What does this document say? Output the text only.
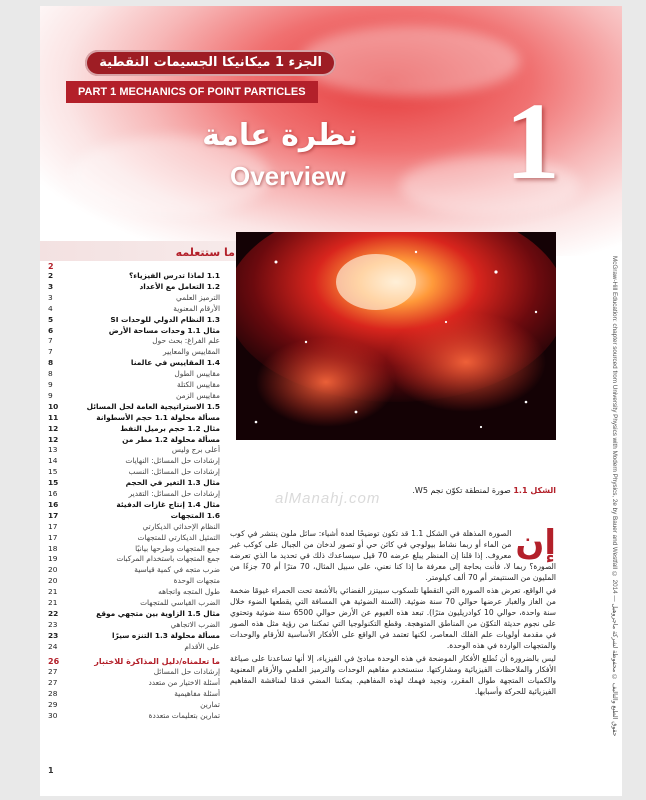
الجزء 1 ميكانيكا الجسيمات النقطية
PART 1 MECHANICS OF POINT PARTICLES 1
نظرة عامة
Overview
ما ستتعلمه
2
الشكل 1.1 صورة لمنطقة تكوّن نجم W5.
alManahj.com

إن
الصورة المذهلة في الشكل 1.1 قد تكون توضيحًا لعدة أشياء: سائل ملون ينتشر في كوب من الماء أو ربما نشاط بيولوجي في كائن حي أو تصور لدخان من الجبال على كوكب غير معروف. إذا قلنا إن المنظر يبلغ عرضه 70 قيل سيساعدك ذلك في تحديد ما الذي تعرضه الصورة؟ ربما لا، فأنت بحاجة إلى معرفة ما إذا كنا نعني، على سبيل المثال، 70 مترًا أم 70 جزءًا من المليون من السنتيمتر أم 70 ألف كيلومتر.

في الواقع، تعرض هذه الصورة التي التقطها تلسكوب سبيتزر الفضائي بالأشعة تحت الحمراء غيومًا ضخمة من الغاز والغبار عرضها حوالي 70 سنة ضوئية. (السنة الضوئية هي المسافة التي يقطعها الضوء خلال سنة واحدة، حوالي 10 كوادريليون مترًا). تبعد هذه الغيوم عن الأرض حوالي 6500 سنة ضوئية وتحتوي على نجوم حديثة التكوّن من المناطق المتوهجة. وقطع التكنولوجيا التي تمكننا من رؤية مثل هذه الصور في مقدمة أولويات علم الفلك المعاصر، لكنها تعتمد في الواقع على الأفكار الأساسية للأرقام والوحدات والمتجهات الواردة في هذه الوحدة.

ليس بالضرورة أن تُطلع الأفكار الموضحة في هذه الوحدة مبادئ في الفيزياء، إلا أنها تساعدنا على صياغة الأفكار والملاحظات الفيزيائية ومشاركتها. سنستخدم مفاهيم الوحدات والترميز العلمي والأرقام المعنوية والكميات المتجهة طوال المقرر، ونجيد فهمك لهذه المفاهيم. يمكننا المضي قدمًا لمناقشة المفاهيم الفيزيائية للحركة وأسبابها.

McGraw-Hill Education: chapter sourced from University Physics with Modern Physics, 2e by Bauer and Westfall © 2014 — حقوق الطبع والتأليف © محفوظة لشركة ماجروهيل
1
2	1.1 لماذا تدرس الفيزياء؟
3	1.2 التعامل مع الأعداد
3	الترميز العلمي
4	الأرقام المعنوية
5	1.3 النظام الدولي للوحدات SI
6	مثال 1.1 وحدات مساحة الأرض
7	علم الفراغ: بحث حول
7	المقاييس والمعايير
8	1.4 المقاييس في عالمنا
8	مقاييس الطول
9	مقاييس الكتلة
9	مقاييس الزمن
10	1.5 الاستراتيجية العامة لحل المسائل
11	مسألة محلولة 1.1 حجم الأسطوانة
12	مثال 1.2 حجم برميل النفط
12	مسألة محلولة 1.2 مطر من
13	أعلى برج وليس
14	إرشادات حل المسائل: النهايات
15	إرشادات حل المسائل: النسب
15	مثال 1.3 التغير في الحجم
16	إرشادات حل المسائل: التقدير
16	مثال 1.4 إنتاج غازات الدفيئة
17	1.6 المتجهات
17	النظام الإحداثي الديكارتي
17	التمثيل الديكارتي للمتجهات
18	جمع المتجهات وطرحها بيانيًا
19	جمع المتجهات باستخدام المركبات
20	ضرب متجه في كمية قياسية
20	متجهات الوحدة
21	طول المتجه واتجاهه
21	الضرب القياسي للمتجهات
22	مثال 1.5 الزاوية بين متجهي موقع
23	الضرب الاتجاهي
23	مسألة محلولة 1.3 التنزه سيرًا
24	على الأقدام
26	ما تعلمناه/دليل المذاكرة للاختبار
27	إرشادات حل المسائل
27	أسئلة الاختيار من متعدد
28	أسئلة مفاهيمية
29	تمارين
30	تمارين بتعليمات متعددة
